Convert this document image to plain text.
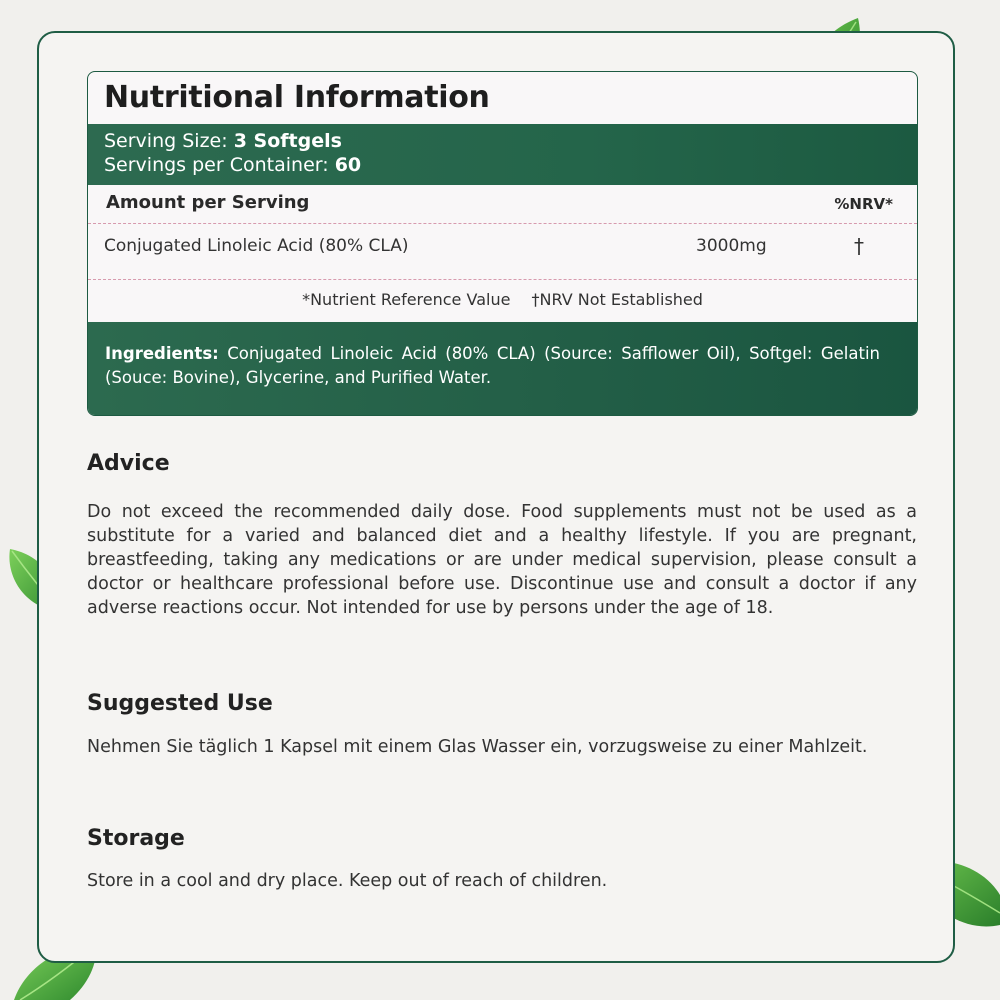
Nutritional Information
Serving Size: 3 Softgels
Servings per Container: 60
Amount per Serving	%NRV*
Conjugated Linoleic Acid (80% CLA)	3000mg	†
*Nutrient Reference Value †NRV Not Established
Ingredients: Conjugated Linoleic Acid (80% CLA) (Source: Safflower Oil), Softgel: Gelatin (Souce: Bovine), Glycerine, and Purified Water.
Advice
Do not exceed the recommended daily dose. Food supplements must not be used as a substitute for a varied and balanced diet and a healthy lifestyle. If you are pregnant, breastfeeding, taking any medications or are under medical supervision, please consult a doctor or healthcare professional before use. Discontinue use and consult a doctor if any adverse reactions occur. Not intended for use by persons under the age of 18.
Suggested Use
Nehmen Sie täglich 1 Kapsel mit einem Glas Wasser ein, vorzugsweise zu einer Mahlzeit.
Storage
Store in a cool and dry place. Keep out of reach of children.
